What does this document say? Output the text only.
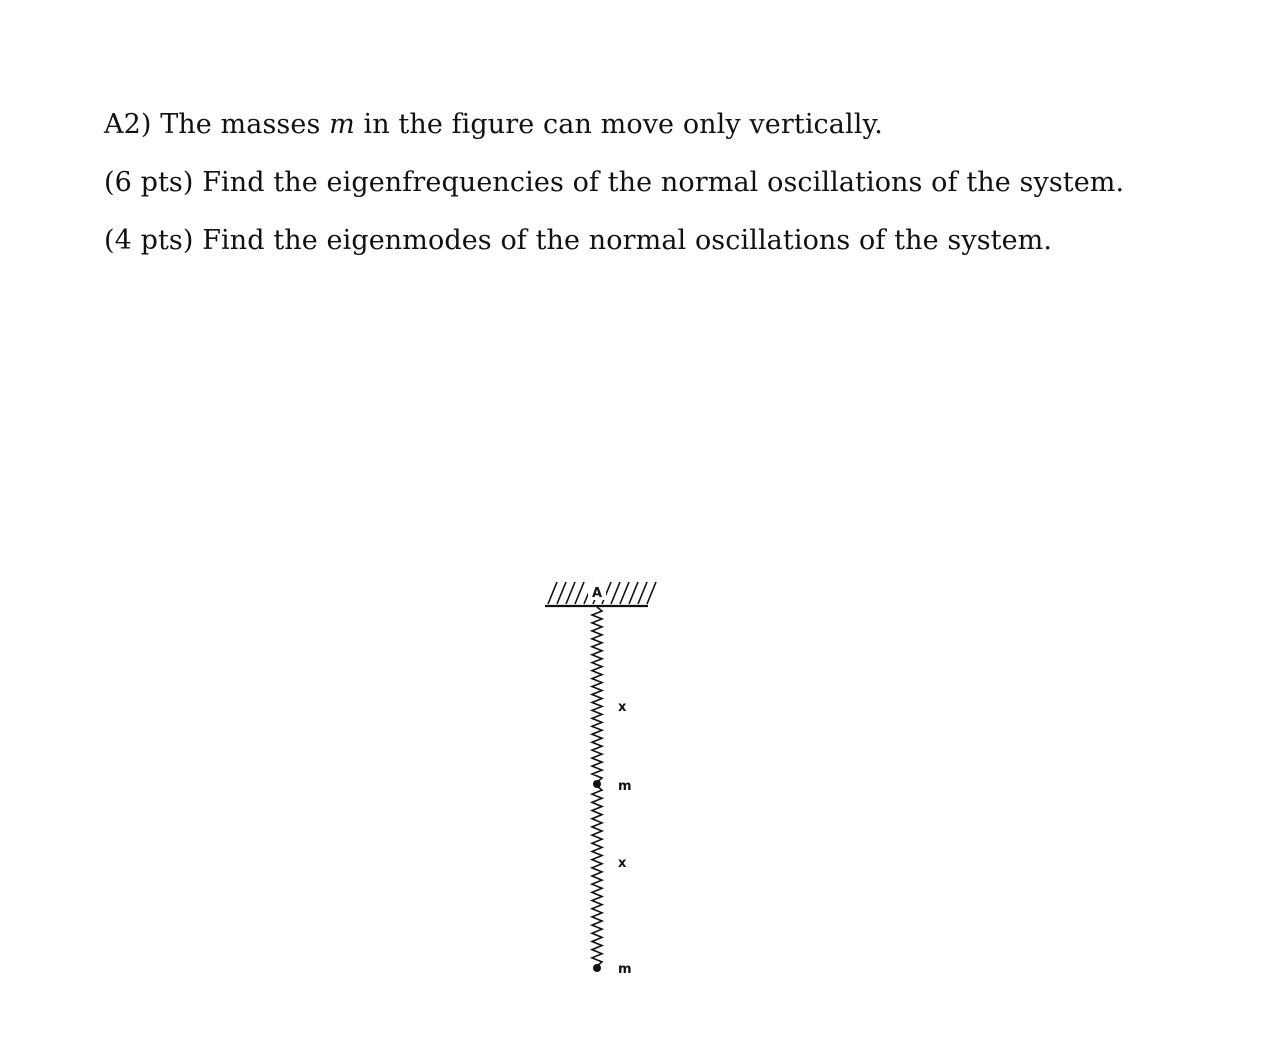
A2) The masses m in the figure can move only vertically.

(6 pts) Find the eigenfrequencies of the normal oscillations of the system.

(4 pts) Find the eigenmodes of the normal oscillations of the system.

A
x
m
x
m
